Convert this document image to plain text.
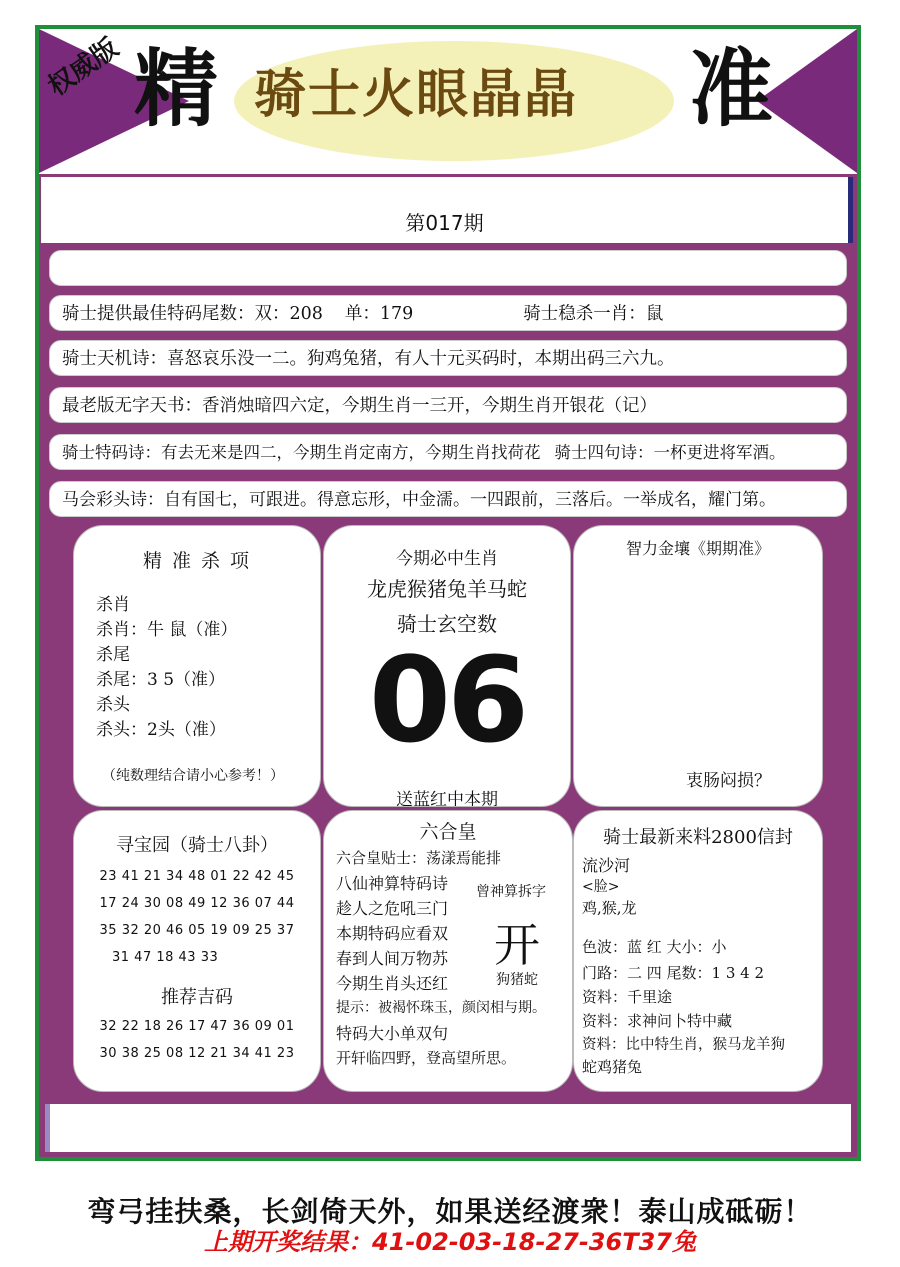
权威版 精 骑士火眼晶晶 准
第017期
骑士提供最佳特码尾数：双：208 单：179	骑士稳杀一肖：鼠
骑士天机诗：喜怒哀乐没一二。狗鸡兔猪，有人十元买码时，本期出码三六九。
最老版无字天书：香消烛暗四六定，今期生肖一三开，今期生肖开银花（记）
骑士特码诗：有去无来是四二，今期生肖定南方，今期生肖找荷花 骑士四句诗：一杯更进将军酒。
马会彩头诗：自有国七，可跟进。得意忘形，中金濡。一四跟前，三落后。一举成名，耀门第。
精 准 杀 项
杀肖
杀肖：牛 鼠（准）
杀尾
杀尾：3 5（准）
杀头
杀头：2头（准）
（纯数理结合请小心参考！）
今期必中生肖
龙虎猴猪兔羊马蛇
骑士玄空数
06
送蓝红中本期
智力金壤《期期准》
衷肠闷损？
寻宝园（骑士八卦）
23 41 21 34 48 01 22 42 45
17 24 30 08 49 12 36 07 44
35 32 20 46 05 19 09 25 37
31 47 18 43 33
推荐吉码
32 22 18 26 17 47 36 09 01
30 38 25 08 12 21 34 41 23
六合皇
六合皇贴士：荡漾焉能排
八仙神算特码诗
趁人之危吼三门
本期特码应看双
春到人间万物苏
今期生肖头还红
提示：被褐怀珠玉，颜闵相与期。
特码大小单双句
开轩临四野，登高望所思。
曾神算拆字
开
狗猪蛇
骑士最新来料2800信封
流沙河
<脸>
鸡,猴,龙
色波：蓝 红 大小：小
门路：二 四 尾数：1 3 4 2
资料：千里途
资料：求神问卜特中藏
资料：比中特生肖，猴马龙羊狗
蛇鸡猪兔
弯弓挂扶桑，长剑倚天外，如果送经渡衆！泰山成砥砺！
上期开奖结果：41-02-03-18-27-36T37兔
